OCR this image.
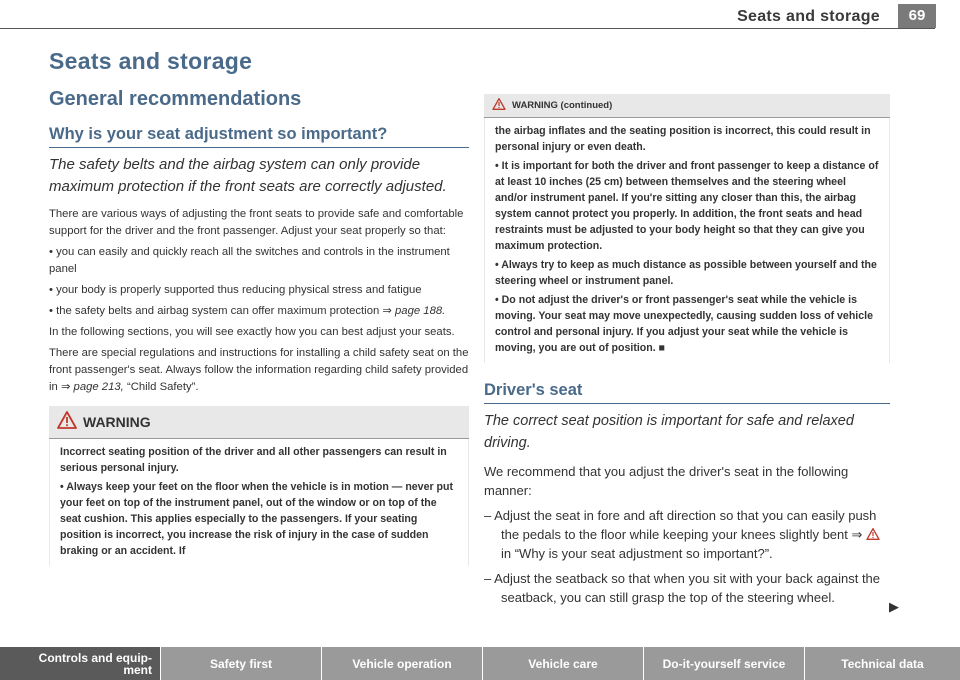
Seats and storage	69
Seats and storage
General recommendations
Why is your seat adjustment so important?

The safety belts and the airbag system can only provide maximum protection if the front seats are correctly adjusted.

There are various ways of adjusting the front seats to provide safe and comfortable support for the driver and the front passenger. Adjust your seat properly so that:

• you can easily and quickly reach all the switches and controls in the instrument panel

• your body is properly supported thus reducing physical stress and fatigue

• the safety belts and airbag system can offer maximum protection ⇒ page 188.

In the following sections, you will see exactly how you can best adjust your seats.

There are special regulations and instructions for installing a child safety seat on the front passenger's seat. Always follow the information regarding child safety provided in ⇒ page 213, “Child Safety”.

WARNING

Incorrect seating position of the driver and all other passengers can result in serious personal injury.

• Always keep your feet on the floor when the vehicle is in motion — never put your feet on top of the instrument panel, out of the window or on top of the seat cushion. This applies especially to the passengers. If your seating position is incorrect, you increase the risk of injury in the case of sudden braking or an accident. If

WARNING (continued)

the airbag inflates and the seating position is incorrect, this could result in personal injury or even death.

• It is important for both the driver and front passenger to keep a distance of at least 10 inches (25 cm) between themselves and the steering wheel and/or instrument panel. If you're sitting any closer than this, the airbag system cannot protect you properly. In addition, the front seats and head restraints must be adjusted to your body height so that they can give you maximum protection.

• Always try to keep as much distance as possible between yourself and the steering wheel or instrument panel.

• Do not adjust the driver's or front passenger's seat while the vehicle is moving. Your seat may move unexpectedly, causing sudden loss of vehicle control and personal injury. If you adjust your seat while the vehicle is moving, you are out of position. ■

Driver's seat

The correct seat position is important for safe and relaxed driving.

We recommend that you adjust the driver's seat in the following manner:

– Adjust the seat in fore and aft direction so that you can easily push the pedals to the floor while keeping your knees slightly bent ⇒  in “Why is your seat adjustment so important?”.

– Adjust the seatback so that when you sit with your back against the seatback, you can still grasp the top of the steering wheel.

▶
Controls and equip-
ment	Safety first	Vehicle operation	Vehicle care	Do-it-yourself service	Technical data
